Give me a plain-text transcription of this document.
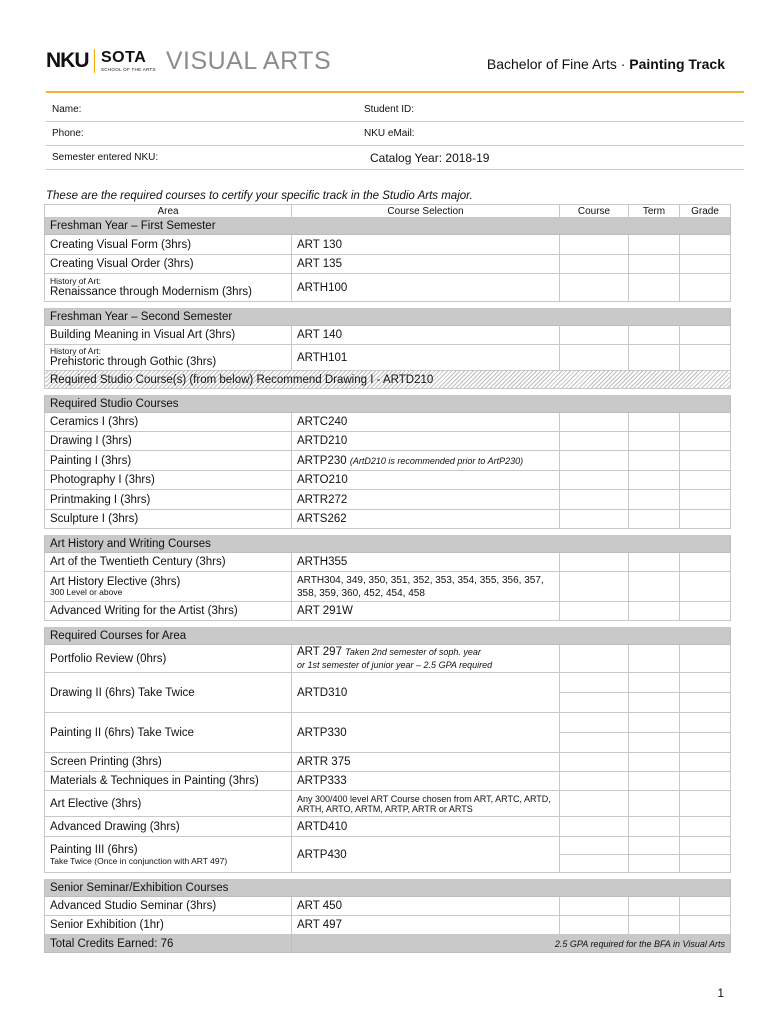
NKU SOTA
SCHOOL OF THE ARTS VISUAL ARTS	Bachelor of Fine Arts · Painting Track
Name:	Student ID:
Phone:	NKU eMail:
Semester entered NKU:	Catalog Year: 2018-19
These are the required courses to certify your specific track in the Studio Arts major.
Area	Course Selection	Course	Term	Grade
Freshman Year – First Semester				
Creating Visual Form (3hrs)	ART 130			
Creating Visual Order (3hrs)	ART 135			

History of Art:
Renaissance through Modernism (3hrs)	ARTH100			

Freshman Year – Second Semester				
Building Meaning in Visual Art (3hrs)	ART 140			

History of Art:
Prehistoric through Gothic (3hrs)	ARTH101			
Required Studio Course(s) (from below) Recommend Drawing I - ARTD210				

Required Studio Courses				
Ceramics I (3hrs)	ARTC240			
Drawing I (3hrs)	ARTD210			
Painting I (3hrs)	ARTP230 (ArtD210 is recommended prior to ArtP230)			
Photography I (3hrs)	ARTO210			
Printmaking I (3hrs)	ARTR272			
Sculpture I (3hrs)	ARTS262			

Art History and Writing Courses				
Art of the Twentieth Century (3hrs)	ARTH355			
Art History Elective (3hrs)
300 Level or above	ARTH304, 349, 350, 351, 352, 353, 354, 355, 356, 357, 358, 359, 360, 452, 454, 458			
Advanced Writing for the Artist (3hrs)	ART 291W			

Required Courses for Area				
Portfolio Review (0hrs)	ART 297 Taken 2nd semester of soph. year
or 1st semester of junior year – 2.5 GPA required			
Drawing II (6hrs) Take Twice	ARTD310	

Painting II (6hrs) Take Twice	ARTP330	

Screen Printing (3hrs)	ARTR 375			
Materials & Techniques in Painting (3hrs)	ARTP333			
Art Elective (3hrs)	Any 300/400 level ART Course chosen from ART, ARTC, ARTD, ARTH, ARTO, ARTM, ARTP, ARTR or ARTS			
Advanced Drawing (3hrs)	ARTD410			

Painting III (6hrs)
Take Twice (Once in conjunction with ART 497)	ARTP430	

Senior Seminar/Exhibition Courses				
Advanced Studio Seminar (3hrs)	ART 450			
Senior Exhibition (1hr)	ART 497			
Total Credits Earned: 76	2.5 GPA required for the BFA in Visual Arts			
1
